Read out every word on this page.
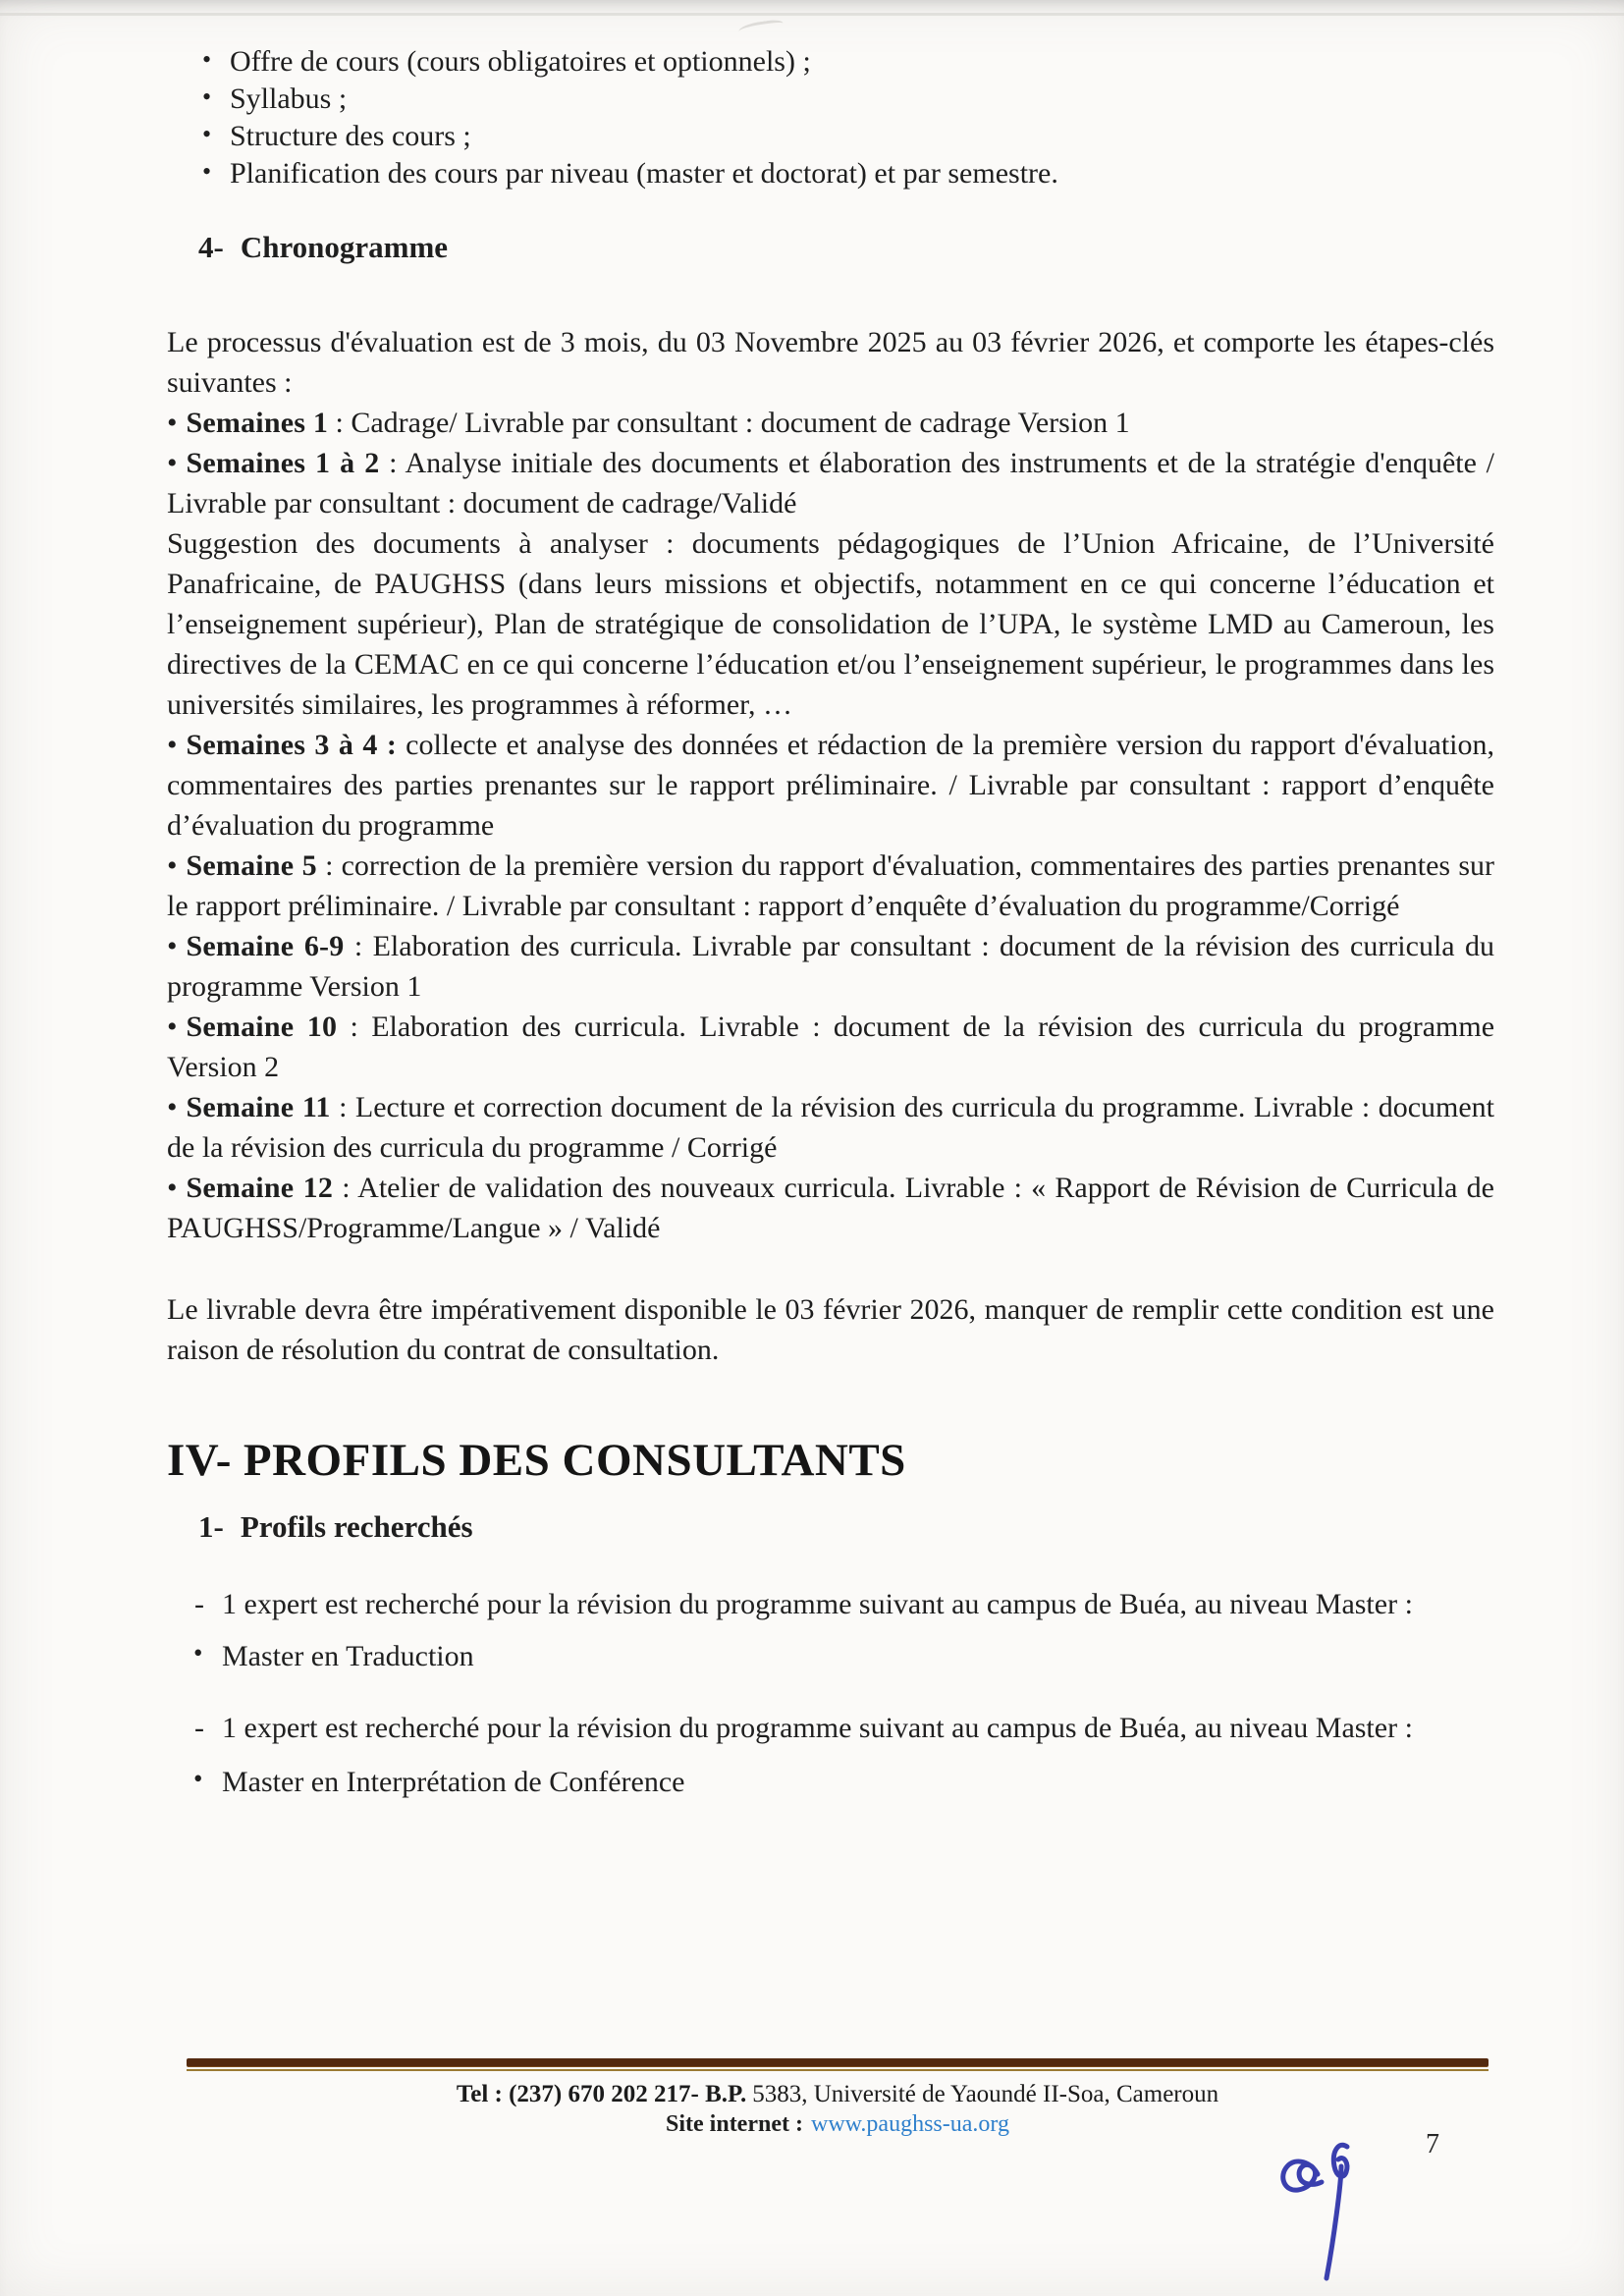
• Offre de cours (cours obligatoires et optionnels) ;
• Syllabus ;
• Structure des cours ;
• Planification des cours par niveau (master et doctorat) et par semestre.
4- Chronogramme

Le processus d'évaluation est de 3 mois, du 03 Novembre 2025 au 03 février 2026, et comporte les étapes-clés suivantes :

• Semaines 1 : Cadrage/ Livrable par consultant : document de cadrage Version 1

• Semaines 1 à 2 : Analyse initiale des documents et élaboration des instruments et de la stratégie d'enquête / Livrable par consultant : document de cadrage/Validé

Suggestion des documents à analyser : documents pédagogiques de l’Union Africaine, de l’Université Panafricaine, de PAUGHSS (dans leurs missions et objectifs, notamment en ce qui concerne l’éducation et l’enseignement supérieur), Plan de stratégique de consolidation de l’UPA, le système LMD au Cameroun, les directives de la CEMAC en ce qui concerne l’éducation et/ou l’enseignement supérieur, le programmes dans les universités similaires, les programmes à réformer, …

• Semaines 3 à 4 : collecte et analyse des données et rédaction de la première version du rapport d'évaluation, commentaires des parties prenantes sur le rapport préliminaire. / Livrable par consultant : rapport d’enquête d’évaluation du programme

• Semaine 5 : correction de la première version du rapport d'évaluation, commentaires des parties prenantes sur le rapport préliminaire. / Livrable par consultant : rapport d’enquête d’évaluation du programme/Corrigé

• Semaine 6-9 : Elaboration des curricula. Livrable par consultant : document de la révision des curricula du programme Version 1

• Semaine 10 : Elaboration des curricula. Livrable : document de la révision des curricula du programme Version 2

• Semaine 11 : Lecture et correction document de la révision des curricula du programme. Livrable : document de la révision des curricula du programme / Corrigé

• Semaine 12 : Atelier de validation des nouveaux curricula. Livrable : « Rapport de Révision de Curricula de PAUGHSS/Programme/Langue » / Validé

Le livrable devra être impérativement disponible le 03 février 2026, manquer de remplir cette condition est une raison de résolution du contrat de consultation.

IV- PROFILS DES CONSULTANTS
1- Profils recherchés
- 1 expert est recherché pour la révision du programme suivant au campus de Buéa, au niveau Master :

• Master en Traduction
- 1 expert est recherché pour la révision du programme suivant au campus de Buéa, au niveau Master :

• Master en Interprétation de Conférence

Tel : (237) 670 202 217- B.P. 5383, Université de Yaoundé II-Soa, Cameroun

Site internet : www.paughss-ua.org

7
